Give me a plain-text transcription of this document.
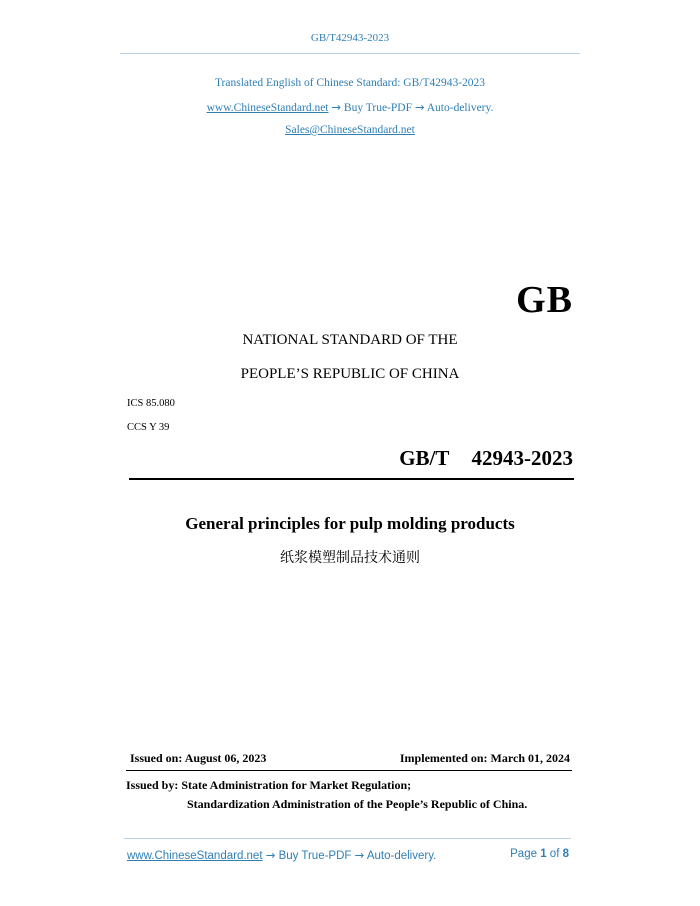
GB/T42943-2023
Translated English of Chinese Standard: GB/T42943-2023
www.ChineseStandard.net → Buy True-PDF → Auto-delivery.
Sales@ChineseStandard.net
GB
NATIONAL STANDARD OF THE
PEOPLE’S REPUBLIC OF CHINA
ICS 85.080
CCS Y 39
GB/T  42943-2023
General principles for pulp molding products
纸浆模塑制品技术通则
Issued on: August 06, 2023	Implemented on: March 01, 2024
Issued by: State Administration for Market Regulation;
Standardization Administration of the People’s Republic of China.
www.ChineseStandard.net → Buy True-PDF → Auto-delivery.	Page 1 of 8
